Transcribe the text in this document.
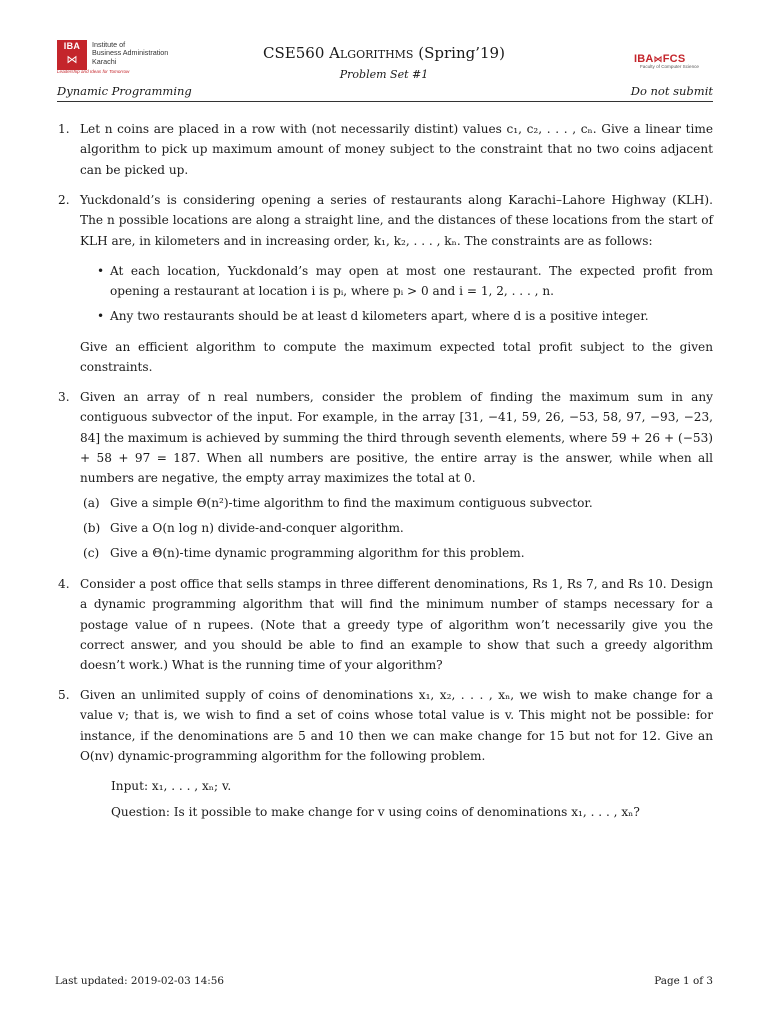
IBA
⋈
Institute of
Business Administration
Karachi
Leadership and Ideas for Tomorrow
CSE560 Algorithms (Spring’19)
Problem Set #1
IBA⋈FCS
Faculty of Computer Science
Dynamic Programming	Do not submit
1. Let n coins are placed in a row with (not necessarily distint) values c₁, c₂, . . . , cₙ. Give a linear time algorithm to pick up maximum amount of money subject to the constraint that no two coins adjacent can be picked up.
2. Yuckdonald’s is considering opening a series of restaurants along Karachi–Lahore Highway (KLH). The n possible locations are along a straight line, and the distances of these locations from the start of KLH are, in kilometers and in increasing order, k₁, k₂, . . . , kₙ. The constraints are as follows:
• At each location, Yuckdonald’s may open at most one restaurant. The expected profit from opening a restaurant at location i is pᵢ, where pᵢ > 0 and i = 1, 2, . . . , n.
• Any two restaurants should be at least d kilometers apart, where d is a positive integer.
Give an efficient algorithm to compute the maximum expected total profit subject to the given constraints.
3. Given an array of n real numbers, consider the problem of finding the maximum sum in any contiguous subvector of the input. For example, in the array [31, −41, 59, 26, −53, 58, 97, −93, −23, 84] the maximum is achieved by summing the third through seventh elements, where 59 + 26 + (−53) + 58 + 97 = 187. When all numbers are positive, the entire array is the answer, while when all numbers are negative, the empty array maximizes the total at 0.
(a) Give a simple Θ(n²)-time algorithm to find the maximum contiguous subvector.
(b) Give a O(n log n) divide-and-conquer algorithm.
(c) Give a Θ(n)-time dynamic programming algorithm for this problem.
4. Consider a post office that sells stamps in three different denominations, Rs 1, Rs 7, and Rs 10. Design a dynamic programming algorithm that will find the minimum number of stamps necessary for a postage value of n rupees. (Note that a greedy type of algorithm won’t necessarily give you the correct answer, and you should be able to find an example to show that such a greedy algorithm doesn’t work.) What is the running time of your algorithm?
5. Given an unlimited supply of coins of denominations x₁, x₂, . . . , xₙ, we wish to make change for a value v; that is, we wish to find a set of coins whose total value is v. This might not be possible: for instance, if the denominations are 5 and 10 then we can make change for 15 but not for 12. Give an O(nv) dynamic-programming algorithm for the following problem.
Input: x₁, . . . , xₙ; v.
Question: Is it possible to make change for v using coins of denominations x₁, . . . , xₙ?
Last updated: 2019-02-03 14:56	Page 1 of 3
